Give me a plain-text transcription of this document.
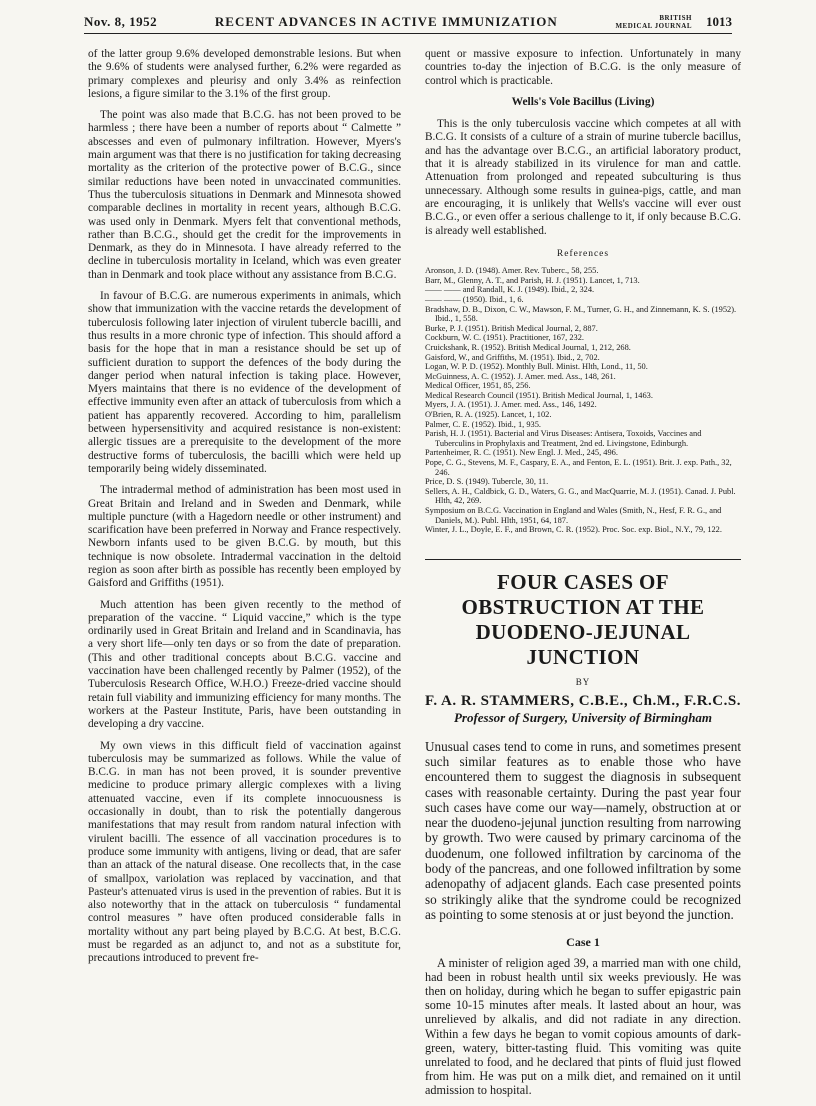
Nov. 8, 1952	RECENT ADVANCES IN ACTIVE IMMUNIZATION	BRITISH
MEDICAL JOURNAL 1013

of the latter group 9.6% developed demonstrable lesions. But when the 9.6% of students were analysed further, 6.2% were regarded as primary complexes and pleurisy and only 3.4% as reinfection lesions, a figure similar to the 3.1% of the first group.

The point was also made that B.C.G. has not been proved to be harmless ; there have been a number of reports about “ Calmette ” abscesses and even of pulmonary infiltration. However, Myers's main argument was that there is no justification for taking decreasing mortality as the criterion of the protective power of B.C.G., since similar reductions have been noted in unvaccinated communities. Thus the tuberculosis situations in Denmark and Minnesota showed comparable declines in mortality in recent years, although B.C.G. was used only in Denmark. Myers felt that conventional methods, rather than B.C.G., should get the credit for the improvements in Denmark, as they do in Minnesota. I have already referred to the decline in tuberculosis mortality in Iceland, which was even greater than in Denmark and took place without any assistance from B.C.G.

In favour of B.C.G. are numerous experiments in animals, which show that immunization with the vaccine retards the development of tuberculosis following later injection of virulent tubercle bacilli, and thus results in a more chronic type of infection. This should afford a basis for the hope that in man a resistance should be set up of sufficient duration to support the defences of the body during the danger period when natural infection is taking place. However, Myers maintains that there is no evidence of the development of effective immunity even after an attack of tuberculosis from which a patient has apparently recovered. According to him, parallelism between hypersensitivity and acquired resistance is non-existent: allergic tissues are a prerequisite to the development of the more destructive forms of tuberculosis, the bacilli which were held up temporarily being widely disseminated.

The intradermal method of administration has been most used in Great Britain and Ireland and in Sweden and Denmark, while multiple puncture (with a Hagedorn needle or other instrument) and scarification have been preferred in Norway and France respectively. Newborn infants used to be given B.C.G. by mouth, but this technique is now obsolete. Intradermal vaccination in the deltoid region as soon after birth as possible has recently been employed by Gaisford and Griffiths (1951).

Much attention has been given recently to the method of preparation of the vaccine. “ Liquid vaccine,” which is the type ordinarily used in Great Britain and Ireland and in Scandinavia, has a very short life—only ten days or so from the date of preparation. (This and other traditional concepts about B.C.G. vaccine and vaccination have been challenged recently by Palmer (1952), of the Tuberculosis Research Office, W.H.O.) Freeze-dried vaccine should retain full viability and immunizing efficiency for many months. The workers at the Pasteur Institute, Paris, have been outstanding in developing a dry vaccine.

My own views in this difficult field of vaccination against tuberculosis may be summarized as follows. While the value of B.C.G. in man has not been proved, it is sounder preventive medicine to produce primary allergic complexes with a living attenuated vaccine, even if its complete innocuousness is occasionally in doubt, than to risk the potentially dangerous manifestations that may result from random natural infection with virulent bacilli. The essence of all vaccination procedures is to produce some immunity with antigens, living or dead, that are safer than an attack of the natural disease. One recollects that, in the case of smallpox, variolation was replaced by vaccination, and that Pasteur's attenuated virus is used in the prevention of rabies. But it is also noteworthy that in the attack on tuberculosis “ fundamental control measures ” have often produced considerable falls in mortality without any part being played by B.C.G. At best, B.C.G. must be regarded as an adjunct to, and not as a substitute for, precautions introduced to prevent fre-

quent or massive exposure to infection. Unfortunately in many countries to-day the injection of B.C.G. is the only measure of control which is practicable.

Wells's Vole Bacillus (Living)

This is the only tuberculosis vaccine which competes at all with B.C.G. It consists of a culture of a strain of murine tubercle bacillus, and has the advantage over B.C.G., an artificial laboratory product, that it is already stabilized in its virulence for man and cattle. Attenuation from prolonged and repeated subculturing is thus unnecessary. Although some results in guinea-pigs, cattle, and man are encouraging, it is unlikely that Wells's vaccine will ever oust B.C.G., or even offer a serious challenge to it, if only because B.C.G. is already well established.

References
Aronson, J. D. (1948). Amer. Rev. Tuberc., 58, 255.
Barr, M., Glenny, A. T., and Parish, H. J. (1951). Lancet, 1, 713.
—— —— and Randall, K. J. (1949). Ibid., 2, 324.
—— —— (1950). Ibid., 1, 6.
Bradshaw, D. B., Dixon, C. W., Mawson, F. M., Turner, G. H., and Zinnemann, K. S. (1952). Ibid., 1, 558.
Burke, P. J. (1951). British Medical Journal, 2, 887.
Cockburn, W. C. (1951). Practitioner, 167, 232.
Cruickshank, R. (1952). British Medical Journal, 1, 212, 268.
Gaisford, W., and Griffiths, M. (1951). Ibid., 2, 702.
Logan, W. P. D. (1952). Monthly Bull. Minist. Hlth, Lond., 11, 50.
McGuinness, A. C. (1952). J. Amer. med. Ass., 148, 261.
Medical Officer, 1951, 85, 256.
Medical Research Council (1951). British Medical Journal, 1, 1463.
Myers, J. A. (1951). J. Amer. med. Ass., 146, 1492.
O'Brien, R. A. (1925). Lancet, 1, 102.
Palmer, C. E. (1952). Ibid., 1, 935.
Parish, H. J. (1951). Bacterial and Virus Diseases: Antisera, Toxoids, Vaccines and Tuberculins in Prophylaxis and Treatment, 2nd ed. Livingstone, Edinburgh.
Partenheimer, R. C. (1951). New Engl. J. Med., 245, 496.
Pope, C. G., Stevens, M. F., Caspary, E. A., and Fenton, E. L. (1951). Brit. J. exp. Path., 32, 246.
Price, D. S. (1949). Tubercle, 30, 11.
Sellers, A. H., Caldbick, G. D., Waters, G. G., and MacQuarrie, M. J. (1951). Canad. J. Publ. Hlth, 42, 269.
Symposium on B.C.G. Vaccination in England and Wales (Smith, N., Hesf, F. R. G., and Daniels, M.). Publ. Hlth, 1951, 64, 187.
Winter, J. L., Doyle, E. F., and Brown, C. R. (1952). Proc. Soc. exp. Biol., N.Y., 79, 122.
FOUR CASES OF OBSTRUCTION AT THE DUODENO-JEJUNAL JUNCTION
BY
F. A. R. STAMMERS, C.B.E., Ch.M., F.R.C.S.
Professor of Surgery, University of Birmingham

Unusual cases tend to come in runs, and sometimes present such similar features as to enable those who have encountered them to suggest the diagnosis in subsequent cases with reasonable certainty. During the past year four such cases have come our way—namely, obstruction at or near the duodeno-jejunal junction resulting from narrowing by growth. Two were caused by primary carcinoma of the duodenum, one followed infiltration by carcinoma of the body of the pancreas, and one followed infiltration by some adenopathy of adjacent glands. Each case presented points so strikingly alike that the syndrome could be recognized as pointing to some stenosis at or just beyond the junction.

Case 1

A minister of religion aged 39, a married man with one child, had been in robust health until six weeks previously. He was then on holiday, during which he began to suffer epigastric pain some 10-15 minutes after meals. It lasted about an hour, was unrelieved by alkalis, and did not radiate in any direction. Within a few days he began to vomit copious amounts of dark-green, watery, bitter-tasting fluid. This vomiting was quite unrelated to food, and he declared that pints of fluid just flowed from him. He was put on a milk diet, and remained on it until admission to hospital.
